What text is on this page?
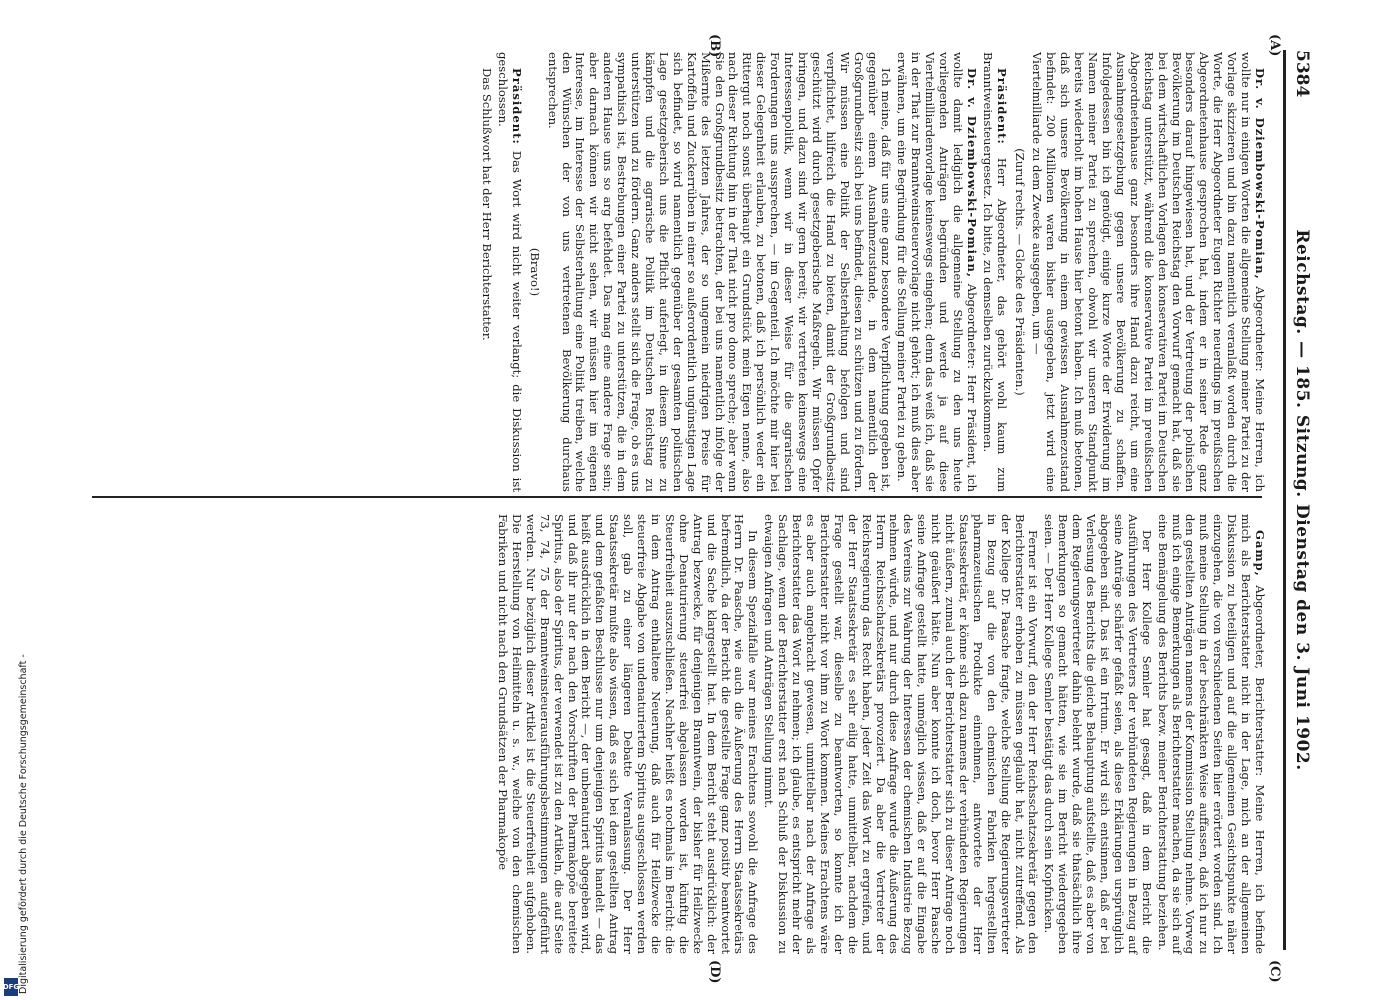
5384
Reichstag. — 185. Sitzung. Dienstag den 3. Juni 1902.
(A)
(B)
(C)
(D)

Dr. v. Dziembowski-Pomian, Abgeordneter: Meine Herren, ich wollte nur in einigen Worten die allgemeine Stellung meiner Partei zu der Vorlage skizzieren und bin dazu namentlich veranlaßt worden durch die Worte, die Herr Abgeordneter Eugen Richter neuerdings im preußischen Abgeordnetenhause gesprochen hat, indem er in seiner Rede ganz besonders darauf hingewiesen hat, und der Vertretung der polnischen Bevölkerung im Deutschen Reichstag den Vorwurf gemacht hat, daß sie bei dem wirtschaftlichen Vorlagen den konservativen Partei im Deutschen Reichstag unterstützt, während die konservative Partei im preußischen Abgeordnetenhause ganz besonders ihre Hand dazu reicht, um eine Ausnahmegesetzgebung gegen unsere Bevölkerung zu schaffen. Infolgedessen bin ich genötigt, einige kurze Worte der Erwiderung im Namen meiner Partei zu sprechen, obwohl wir unseren Standpunkt bereits wiederholt im hohen Hause hier betont haben. Ich muß betonen, daß sich unsere Bevölkerung in einem gewissen Ausnahmezustand befindet: 200 Millionen waren bisher ausgegeben, jetzt wird eine Viertelmilliarde zu dem Zwecke ausgegeben, um —

(Zuruf rechts. — Glocke des Präsidenten.)

Präsident: Herr Abgeordneter, das gehört wohl kaum zum Branntweinsteuergesetz. Ich bitte, zu demselben zurückzukommen.

Dr. v. Dziembowski-Pomian, Abgeordneter: Herr Präsident, ich wollte damit lediglich die allgemeine Stellung zu den uns heute vorliegenden Anträgen begründen und werde ja auf diese Viertelmilliardenvorlage keineswegs eingehen; denn das weiß ich, daß sie in der That zur Branntweinsteuervorlage nicht gehört; ich muß dies aber erwähnen, um eine Begründung für die Stellung meiner Partei zu geben.

Ich meine, daß für uns eine ganz besondere Verpflichtung gegeben ist, gegenüber einem Ausnahmezustande, in dem namentlich der Großgrundbesitz sich bei uns befindet, diesen zu schützen und zu fördern. Wir müssen eine Politik der Selbsterhaltung befolgen und sind verpflichtet, hilfreich die Hand zu bieten, damit der Großgrundbesitz geschützt wird durch gesetzgeberische Maßregeln. Wir müssen Opfer bringen, und dazu sind wir gern bereit; wir vertreten keineswegs eine Interessenpolitik, wenn wir in dieser Weise für die agrarischen Forderungen uns aussprechen, — im Gegenteil. Ich möchte mir hier bei dieser Gelegenheit erlauben, zu betonen, daß ich persönlich weder ein Rittergut noch sonst überhaupt ein Grundstück mein Eigen nenne, also nach dieser Richtung hin in der That nicht pro domo spreche; aber wenn Sie den Großgrundbesitz betrachten, der bei uns namentlich infolge der Mißernte des letzten Jahres, der so ungemein niedrigen Preise für Kartoffeln und Zuckerrüben in einer so außerordentlich ungünstigen Lage sich befindet, so wird namentlich gegenüber der gesamten politischen Lage gesetzgeberisch uns die Pflicht auferlegt, in diesem Sinne zu kämpfen und die agrarische Politik im Deutschen Reichstag zu unterstützen und zu fördern. Ganz anders stellt sich die Frage, ob es uns sympathisch ist, Bestrebungen einer Partei zu unterstützen, die in dem anderen Hause uns so arg befehdet. Das mag eine andere Frage sein; aber darnach können wir nicht sehen, wir müssen hier im eigenen Interesse, im Interesse der Selbsterhaltung eine Politik treiben, welche den Wünschen der von uns vertretenen Bevölkerung durchaus entsprechen.

(Bravo!)

Präsident: Das Wort wird nicht weiter verlangt; die Diskussion ist geschlossen.

Das Schlußwort hat der Herr Berichterstatter.

Gamp, Abgeordneter, Berichterstatter: Meine Herren, ich befinde mich als Berichterstatter nicht in der Lage, mich an der allgemeinen Diskussion zu beteiligen und auf die allgemeinen Gesichtspunkte näher einzugehen, die von verschiedenen Seiten hier erörtert worden sind. Ich muß meine Stellung in der beschränkten Weise auffassen, daß ich nur zu den gestellten Anträgen namens der Kommission Stellung nehme. Vorweg muß ich einige Bemerkungen als Berichterstatter machen, da sie sich auf eine Bemängelung des Berichts bezw. meiner Berichterstattung beziehen.

Der Herr Kollege Semler hat gesagt, daß in dem Bericht die Ausführungen des Vertreters der verbündeten Regierungen in Bezug auf seine Anträge schärfer gefaßt seien, als diese Erklärungen ursprünglich abgegeben sind. Das ist ein Irrtum. Er wird sich entsinnen, daß er bei Verlesung des Berichts die gleiche Behauptung aufstellte, daß es aber von dem Regierungsvertreter dahin belehrt wurde, daß sie thatsächlich ihre Bemerkungen so gemacht hätten, wie sie im Bericht wiedergegeben seien. — Der Herr Kollege Semler bestätigt das durch sein Kopfnicken.

Ferner ist ein Vorwurf, den der Herr Reichsschatzsekretär gegen den Berichterstatter erhoben zu müssen geglaubt hat, nicht zutreffend. Als der Kollege Dr. Paasche fragte, welche Stellung die Regierungsvertreter in Bezug auf die von den chemischen Fabriken hergestellten pharmazeutischen Produkte einnehmen, antwortete der Herr Staatssekretär, er könne sich dazu namens der verbündeten Regierungen nicht äußern, zumal auch der Berichterstatter sich zu dieser Antrage noch nicht geäußert hätte. Nun aber konnte ich doch, bevor Herr Paasche seine Anfrage gestellt hatte, unmöglich wissen, daß er auf die Eingabe des Vereins zur Wahrung der Interessen der chemischen Industrie Bezug nehmen würde, und nur durch diese Anfrage wurde die Äußerung des Herrn Reichsschatzsekretärs provoziert. Da aber die Vertreter der Reichsregierung das Recht haben, jeder Zeit das Wort zu ergreifen, und der Herr Staatssekretär es sehr eilig hatte, unmittelbar, nachdem die Frage gestellt war, dieselbe zu beantworten, so konnte ich der Berichterstatter nicht vor ihm zu Wort kommen. Meines Erachtens wäre es aber auch angebracht gewesen, unmittelbar nach der Anfrage als Berichterstatter das Wort zu nehmen; ich glaube, es entspricht mehr der Sachlage, wenn der Berichterstatter erst nach Schluß der Diskussion zu etwaigen Anfragen und Anträgen Stellung nimmt.

In diesem Spezialfalle war meines Erachtens sowohl die Anfrage des Herrn Dr. Paasche, wie auch die Äußerung des Herrn Staatssekretärs befremdlich, da der Bericht die gestellte Frage ganz positiv beantwortet und die Sache klargestellt hat. In dem Bericht steht ausdrücklich: der Antrag bezwecke, für denjenigen Branntwein, der bisher für Heilzwecke ohne Denaturierung steuerfrei abgelassen worden ist, künftig die Steuerfreiheit auszuschließen. Nachher heißt es nochmals im Bericht: die in dem Antrag enthaltene Neuerung, daß auch für Heilzwecke die steuerfreie Abgabe von undenaturiertem Spiritus ausgeschlossen werden soll, gab zu einer längeren Debatte Veranlassung. Der Herr Staatssekretär mußte also wissen, daß es sich bei dem gestellten Antrag und dem gefaßten Beschlusse nur um denjenigen Spiritus handelt — das heißt ausdrücklich in dem Bericht —, der unbenaturiert abgegeben wird, und daß ihr nur der nach den Vorschriften der Pharmakopöe bereitete Spiritus, also der Spiritus, der verwendet ist zu den Artikeln, die auf Seite 73, 74, 75 der Branntweinsteuerausführungsbestimmungen aufgeführt werden. Nur bezüglich dieser Artikel ist die Steuerfreiheit aufgehoben. Die Herstellung von Heilmitteln u. s. w., welche von den chemischen Fabriken und nicht nach den Grundsätzen der Pharmakopöe

Digitalisierung gefördert durch die Deutsche Forschungsgemeinschaft -
DFG
